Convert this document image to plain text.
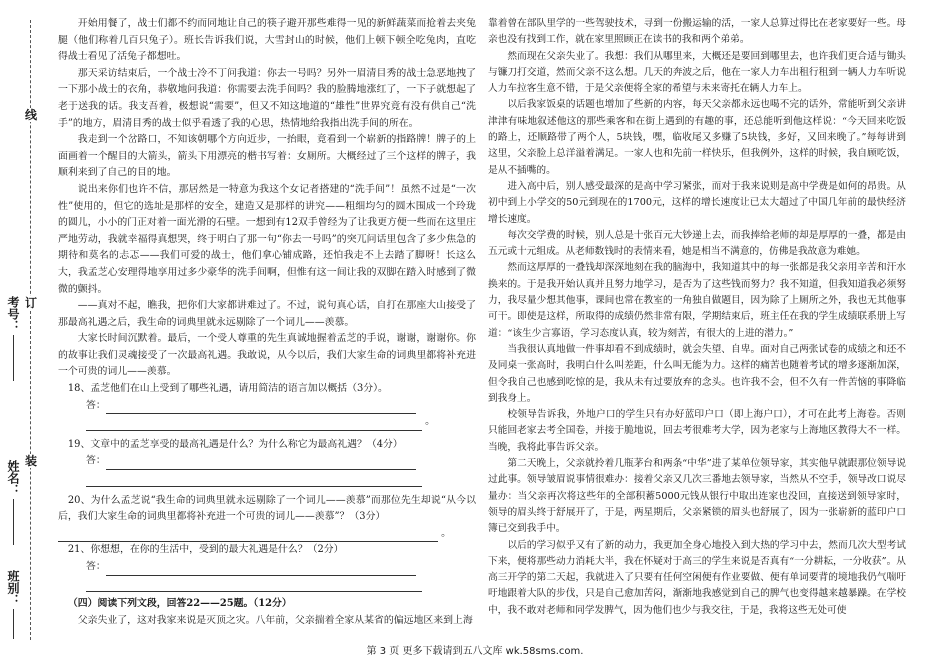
线
订
装
考号：
姓名：
班别：

开始用餐了，战士们都不约而同地让自己的筷子避开那些难得一见的新鲜蔬菜而抢着去夹兔腿（他们称着几百只兔子）。班长告诉我们说，大雪封山的时候，他们上顿下顿全吃兔肉，直吃得战士看见了活兔子都想吐。

那天采访结束后，一个战士冷不丁问我道：你去一号吗？另外一眉清目秀的战士急恶地拽了一下那小战士的衣角，恭敬地问我道：你需要去洗手间吗？我的脸腾地涨红了，一下子就想起了老于送我的话。我支吾着，极想说“需要”，但又不知这地道的“雄性”世界究竟有没有供自己“洗手”的地方，眉清目秀的战士似乎看透了我的心思，热情地给我指出洗手间的所在。

我走到一个岔路口，不知该朝哪个方向近步，一抬眼，竟看到一个崭新的指路牌！牌子的上面画着一个醒目的大箭头，箭头下用漂亮的楷书写着：女厕所。大概经过了三个这样的牌子，我顺利来到了自己的目的地。

说出来你们也许不信，那居然是一特意为我这个女记者搭建的“洗手间”！虽然不过是“一次性”使用的，但它的选址是那样的安全，建造又是那样的讲究——粗细均匀的圆木围成一个玲珑的圆儿，小小的门正对着一面光滑的石壁。一想到有12双手曾经为了让我更方便一些而在这里庄严地劳动，我就幸福得真想哭，终于明白了那一句“你去一号吗”的突兀问话里包含了多少焦急的期待和莫名的忐忑——我们可爱的战士，他们拿心铺成路，还怕我走不上去踏了脚呀！长这么大，我孟芝心安理得地享用过多少豪华的洗手间啊，但惟有这一间让我的双脚在踏入时感到了微微的颤抖。

——真对不起，瞧我，把你们大家都讲难过了。不过，说句真心话，自打在那座大山接受了那最高礼遇之后，我生命的词典里就永远剔除了一个词儿——羡慕。

大家长时间沉默着。最后，一个受人尊重的先生真诚地握着孟芝的手说，谢谢，谢谢你。你的故事让我们灵魂接受了一次最高礼遇。我敢说，从今以后，我们大家生命的词典里都将补充进一个可贵的词儿——羡慕。

18、孟芝他们在山上受到了哪些礼遇，请用简洁的语言加以概括（3分）。

答：

。

19、文章中的孟芝享受的最高礼遇是什么？为什么称它为最高礼遇？（4分）

答：

20、为什么孟芝说“我生命的词典里就永远剔除了一个词儿——羡慕”而那位先生却说“从今以后，我们大家生命的词典里都将补充进一个可贵的词儿——羡慕”？（3分）

。

21、你想想，在你的生活中，受到的最大礼遇是什么？（2分）

答：

（四）阅读下列文段，回答22——25题。（12分）

父亲失业了，这对我家来说是灭顶之灾。八年前，父亲揣着全家从某省的偏远地区来到上海

靠着曾在部队里学的一些驾驶技术，寻到一份搬运输的活，一家人总算过得比在老家要好一些。母亲也没有找到工作，就在家里照顾正在读书的我和两个弟弟。

然而现在父亲失业了。我想：我们从哪里来，大概还是要回到哪里去，也许我们更合适与锄头与镰刀打交道，然而父亲不这么想。几天的奔波之后，他在一家人力车出租行租到一辆人力车听说人力车拉客生意不错，于是父亲便将全家的希望与未来寄托在辆人力车上。

以后我家饭桌的话题也增加了些新的内容，每天父亲都永远也喝不完的话外，常能听到父亲讲津津有味地叙述他这的那些乘客和在街上遇到的有趣的事，还总能听到他这样说：“今天回来吃饭的路上，还顺路带了两个人，5块钱，嘿，临收尾又多赚了5块钱，多好，又回来晚了。”每每讲到这里，父亲脸上总洋溢着满足。一家人也和先前一样快乐，但我例外，这样的时候，我自顾吃饭，是从不插嘴的。

进入高中后，别人感受最深的是高中学习紧张，而对于我来说则是高中学费是如何的昂贵。从初中到上小学交的50元到现在的1700元，这样的增长速度让已太大超过了中国几年前的最快经济增长速度。

每次交学费的时候，别人总是十张百元大钞递上去，而我捧给老师的却是厚厚的一叠，都是由五元或十元组成。从老师数钱时的表情来看，她是相当不满意的，仿佛是我故意为难她。

然而这厚厚的一叠钱却深深地刻在我的脑海中，我知道其中的每一张都是我父亲用辛苦和汗水换来的。于是我开始认真并且努力地学习，是否为了这些钱而努力？我不知道，但我知道我必须努力，我尽量少想其他事，课间也常在教室的一角独自做题目，因为除了上厕所之外，我也无其他事可干。即使是这样，所取得的成绩仍然非常有限，学期结束后，班主任在我的学生成绩联系册上写道：“该生少言寡语，学习态度认真，较为刻苦，有很大的上进的潜力。”

当我很认真地做一件事却看不到成绩时，就会失望、自卑。面对自己两张试卷的成绩之和还不及同桌一张高时，我明白什么叫差距，什么叫无能为力。这样的痛苦也随着考试的增多逐渐加深，但令我自己也感到吃惊的是，我从未有过要放弃的念头。也许我不会，但不久有一件苦恼的事降临到我身上。

校领导告诉我，外地户口的学生只有办好蓝印户口（即上海户口），才可在此考上海卷。否则只能回老家去考全国卷，并接于脆地说，回去考很难考大学，因为老家与上海地区教得大不一样。当晚，我将此事告诉父亲。

第二天晚上，父亲就拎着几瓶茅台和两条“中华”进了某单位领导家，其实他早就跟那位领导说过此事。领导皱眉说事情很难办：接着父亲又几次三番地去领导家，当然从不空手，领导改口说尽量办：当父亲再次将这些年的全部积蓄5000元钱从银行中取出连家也没回，直接送到领导家时，领导的眉头终于舒展开了，于是，两星期后，父亲紧锁的眉头也舒展了，因为一张崭新的蓝印户口簿已交到我手中。

以后的学习似乎又有了新的动力，我更加全身心地投入到大热的学习中去，然而几次大型考试下来，便将那些动力消耗大半，我在怀疑对于高三的学生来说是否真有“一分耕耘，一分收获”。从高三开学的第二天起，我就进入了只要有任何空闲便有作业要做、便有单词要背的境地我仍气喘吁吁地跟着大队的步伐，只是自己愈加苦闷，渐渐地我感觉到自己的脾气也变得越来越暴躁。在学校中，我不敢对老师和同学发脾气，因为他们也少与我交往，于是，我将这些无处可使

第 3 页 更多下载请到五八文库 wk.58sms.com.
